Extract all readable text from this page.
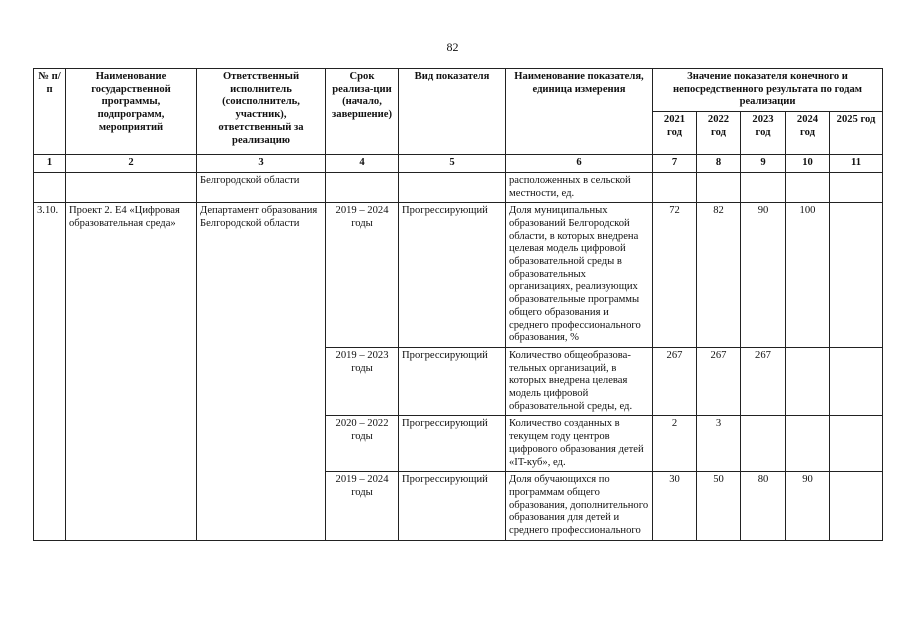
82
№ п/п	Наименование государственной программы, подпрограмм, мероприятий	Ответственный исполнитель (соисполнитель, участник), ответственный за реализацию	Срок реализа-ции (начало, завершение)	Вид показателя	Наименование показателя, единица измерения	Значение показателя конечного и непосредственного результата по годам реализации				
						2021 год	2022 год	2023 год	2024 год	2025 год
1	2	3	4	5	6	7	8	9	10	11
		Белгородской области			расположенных в сельской местности, ед.					
3.10.	Проект 2. Е4 «Цифровая образовательная среда»	Департамент образования Белгородской области	2019 – 2024 годы	Прогрессирующий	Доля муниципальных образований Белгородской области, в которых внедрена целевая модель цифровой образовательной среды в образовательных организациях, реализующих образовательные программы общего образования и среднего профессионального образования, %	72	82	90	100	
			2019 – 2023 годы	Прогрессирующий	Количество общеобразова-тельных организаций, в которых внедрена целевая модель цифровой образовательной среды, ед.	267	267	267		
			2020 – 2022 годы	Прогрессирующий	Количество созданных в текущем году центров цифрового образования детей «IT-куб», ед.	2	3			
			2019 – 2024 годы	Прогрессирующий	Доля обучающихся по программам общего образования, дополнительного образования для детей и среднего профессионального	30	50	80	90	
